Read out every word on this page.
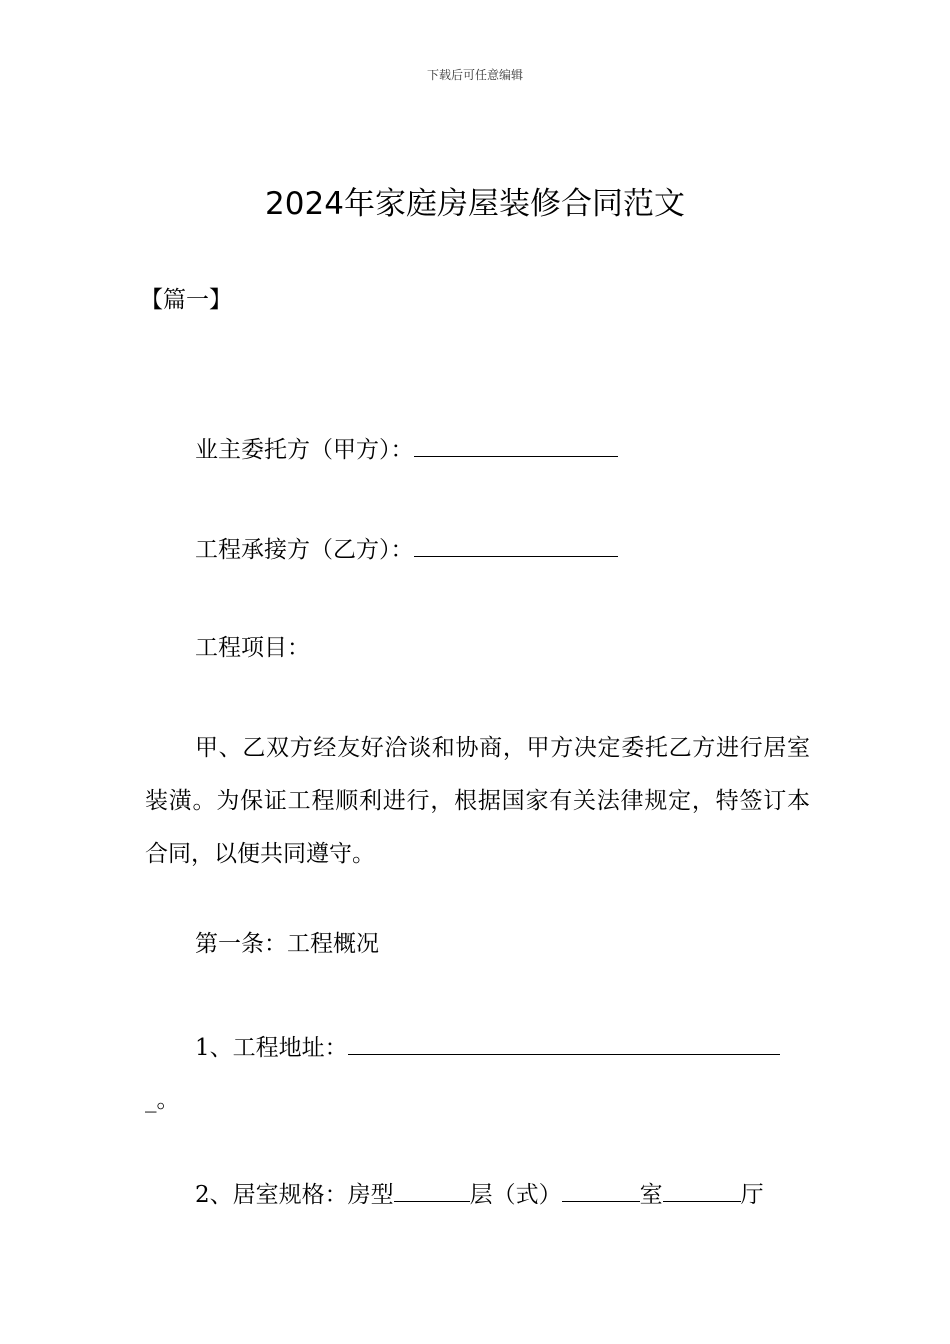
下载后可任意编辑
2024年家庭房屋装修合同范文
【篇一】
业主委托方（甲方）：
工程承接方（乙方）：
工程项目：
甲、乙双方经友好洽谈和协商，甲方决定委托乙方进行居室装潢。为保证工程顺利进行，根据国家有关法律规定，特签订本合同，以便共同遵守。
第一条：工程概况
1、工程地址：
_。
2、居室规格：房型	层（式）	室	厅
